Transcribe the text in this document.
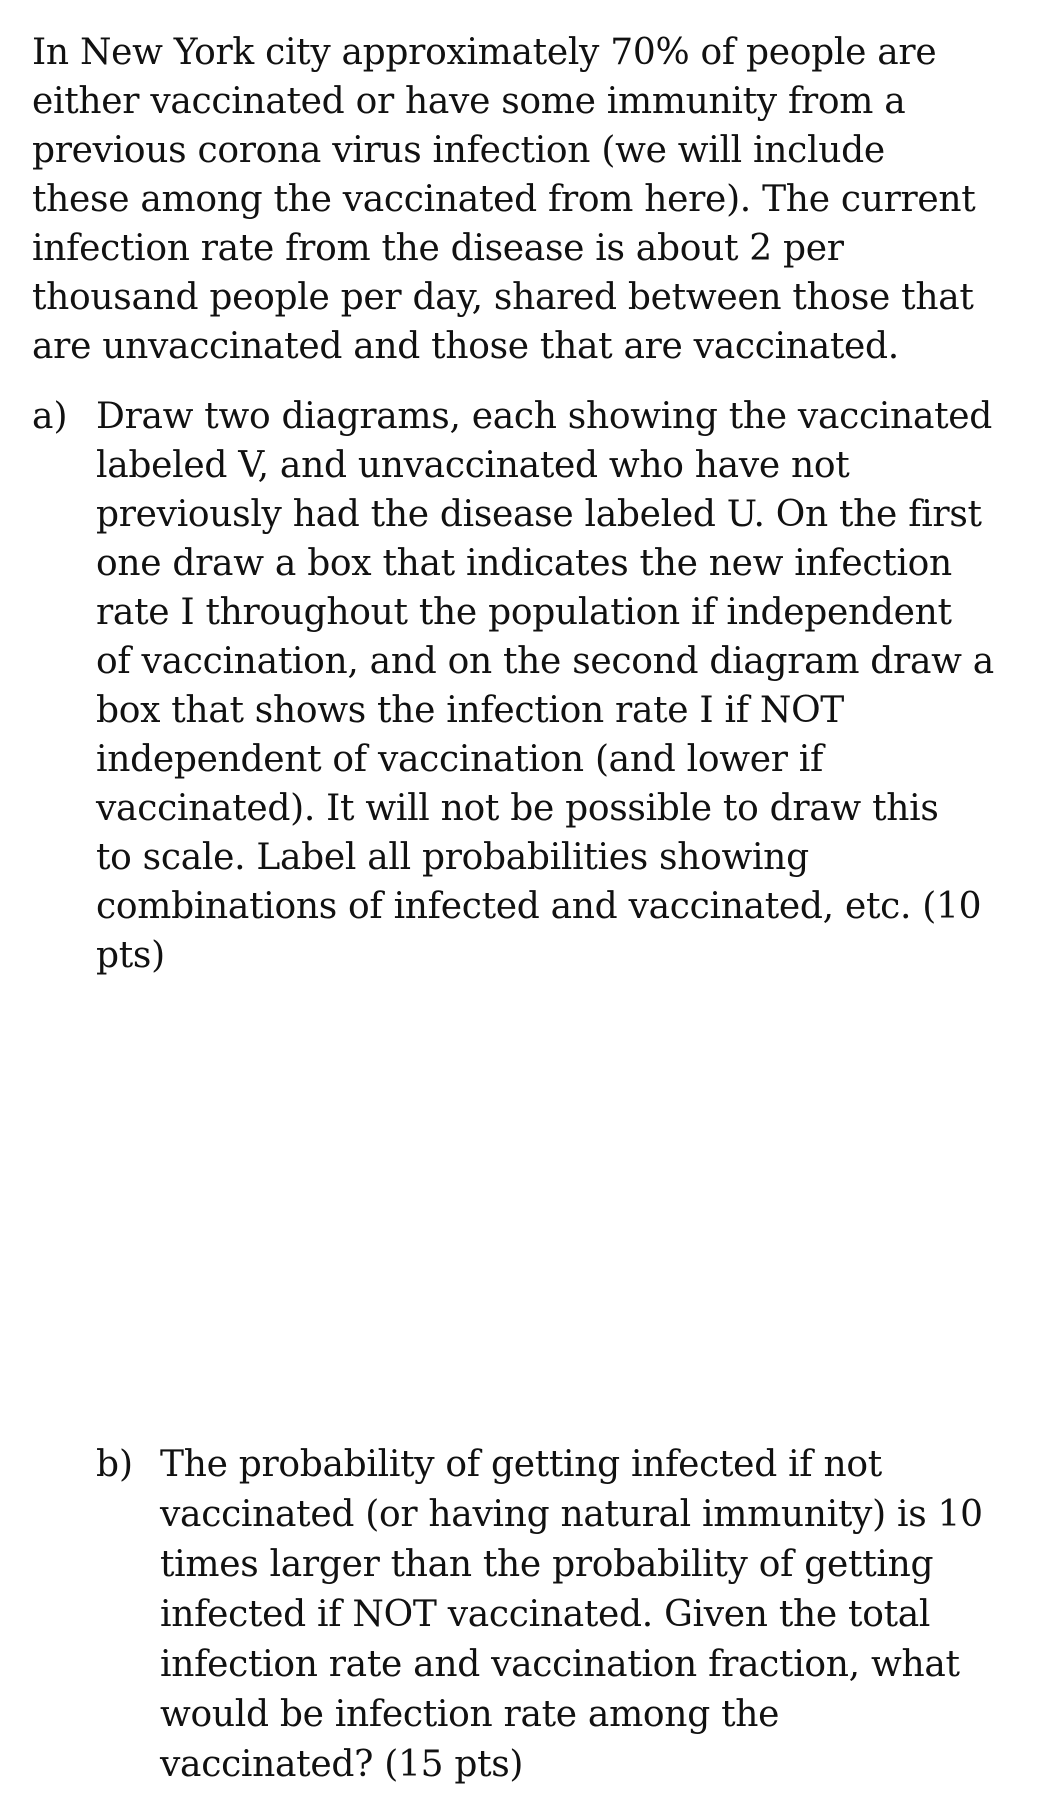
In New York city approximately 70% of people are
either vaccinated or have some immunity from a
previous corona virus infection (we will include
these among the vaccinated from here). The current
infection rate from the disease is about 2 per
thousand people per day, shared between those that
are unvaccinated and those that are vaccinated.
a) Draw two diagrams, each showing the vaccinated
labeled V, and unvaccinated who have not
previously had the disease labeled U. On the first
one draw a box that indicates the new infection
rate I throughout the population if independent
of vaccination, and on the second diagram draw a
box that shows the infection rate I if NOT
independent of vaccination (and lower if
vaccinated). It will not be possible to draw this
to scale. Label all probabilities showing
combinations of infected and vaccinated, etc. (10
pts)
b) The probability of getting infected if not
vaccinated (or having natural immunity) is 10
times larger than the probability of getting
infected if NOT vaccinated. Given the total
infection rate and vaccination fraction, what
would be infection rate among the
vaccinated? (15 pts)
